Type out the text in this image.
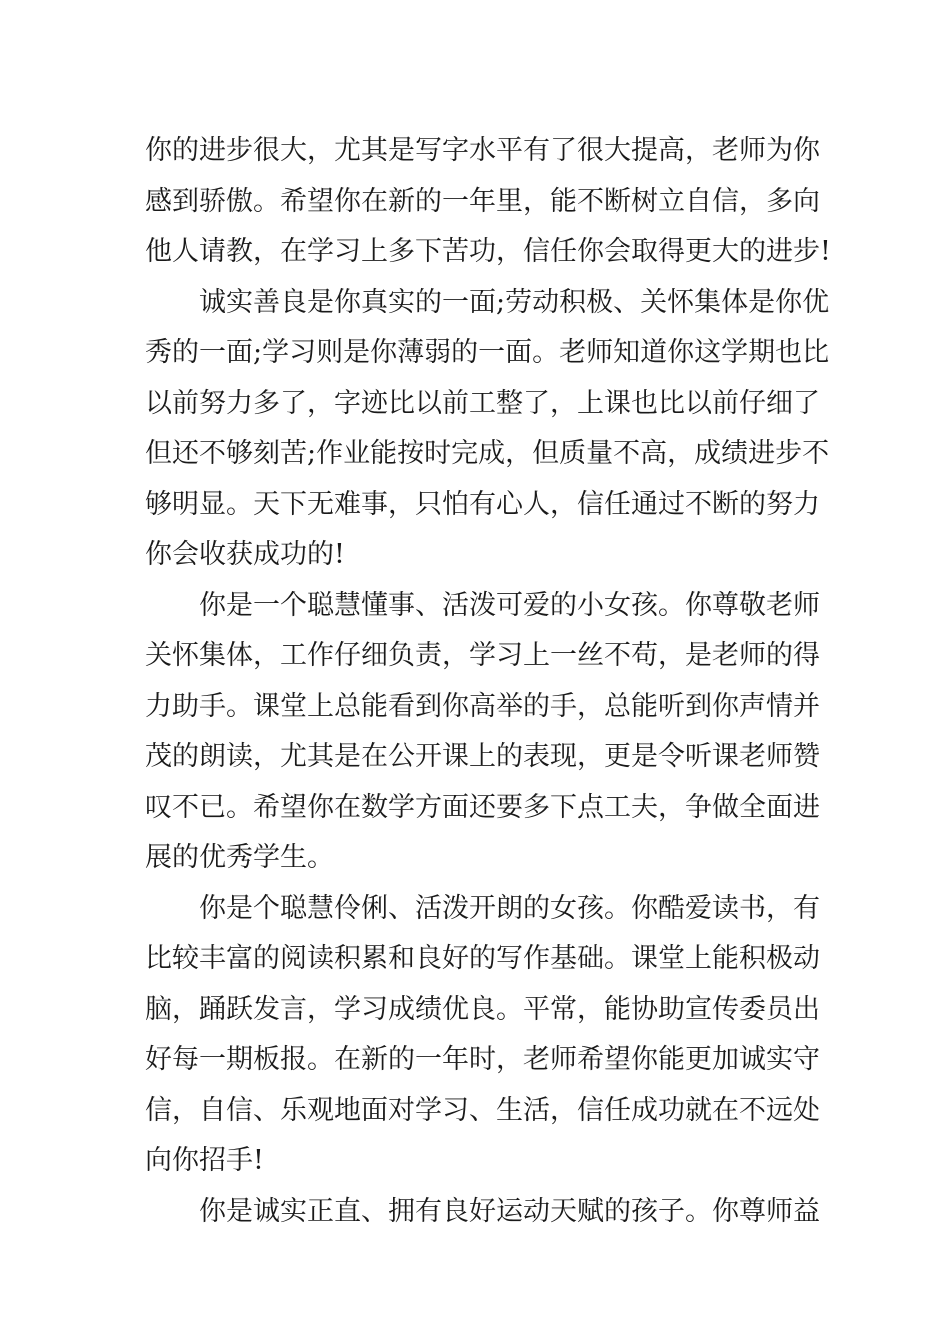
你的进步很大，尤其是写字水平有了很大提高，老师为你
感到骄傲。希望你在新的一年里，能不断树立自信，多向
他人请教，在学习上多下苦功，信任你会取得更大的进步!
诚实善良是你真实的一面;劳动积极、关怀集体是你优
秀的一面;学习则是你薄弱的一面。老师知道你这学期也比
以前努力多了，字迹比以前工整了，上课也比以前仔细了
但还不够刻苦;作业能按时完成，但质量不高，成绩进步不
够明显。天下无难事，只怕有心人，信任通过不断的努力
你会收获成功的!
你是一个聪慧懂事、活泼可爱的小女孩。你尊敬老师
关怀集体，工作仔细负责，学习上一丝不苟，是老师的得
力助手。课堂上总能看到你高举的手，总能听到你声情并
茂的朗读，尤其是在公开课上的表现，更是令听课老师赞
叹不已。希望你在数学方面还要多下点工夫，争做全面进
展的优秀学生。
你是个聪慧伶俐、活泼开朗的女孩。你酷爱读书，有
比较丰富的阅读积累和良好的写作基础。课堂上能积极动
脑，踊跃发言，学习成绩优良。平常，能协助宣传委员出
好每一期板报。在新的一年时，老师希望你能更加诚实守
信，自信、乐观地面对学习、生活，信任成功就在不远处
向你招手!
你是诚实正直、拥有良好运动天赋的孩子。你尊师益
